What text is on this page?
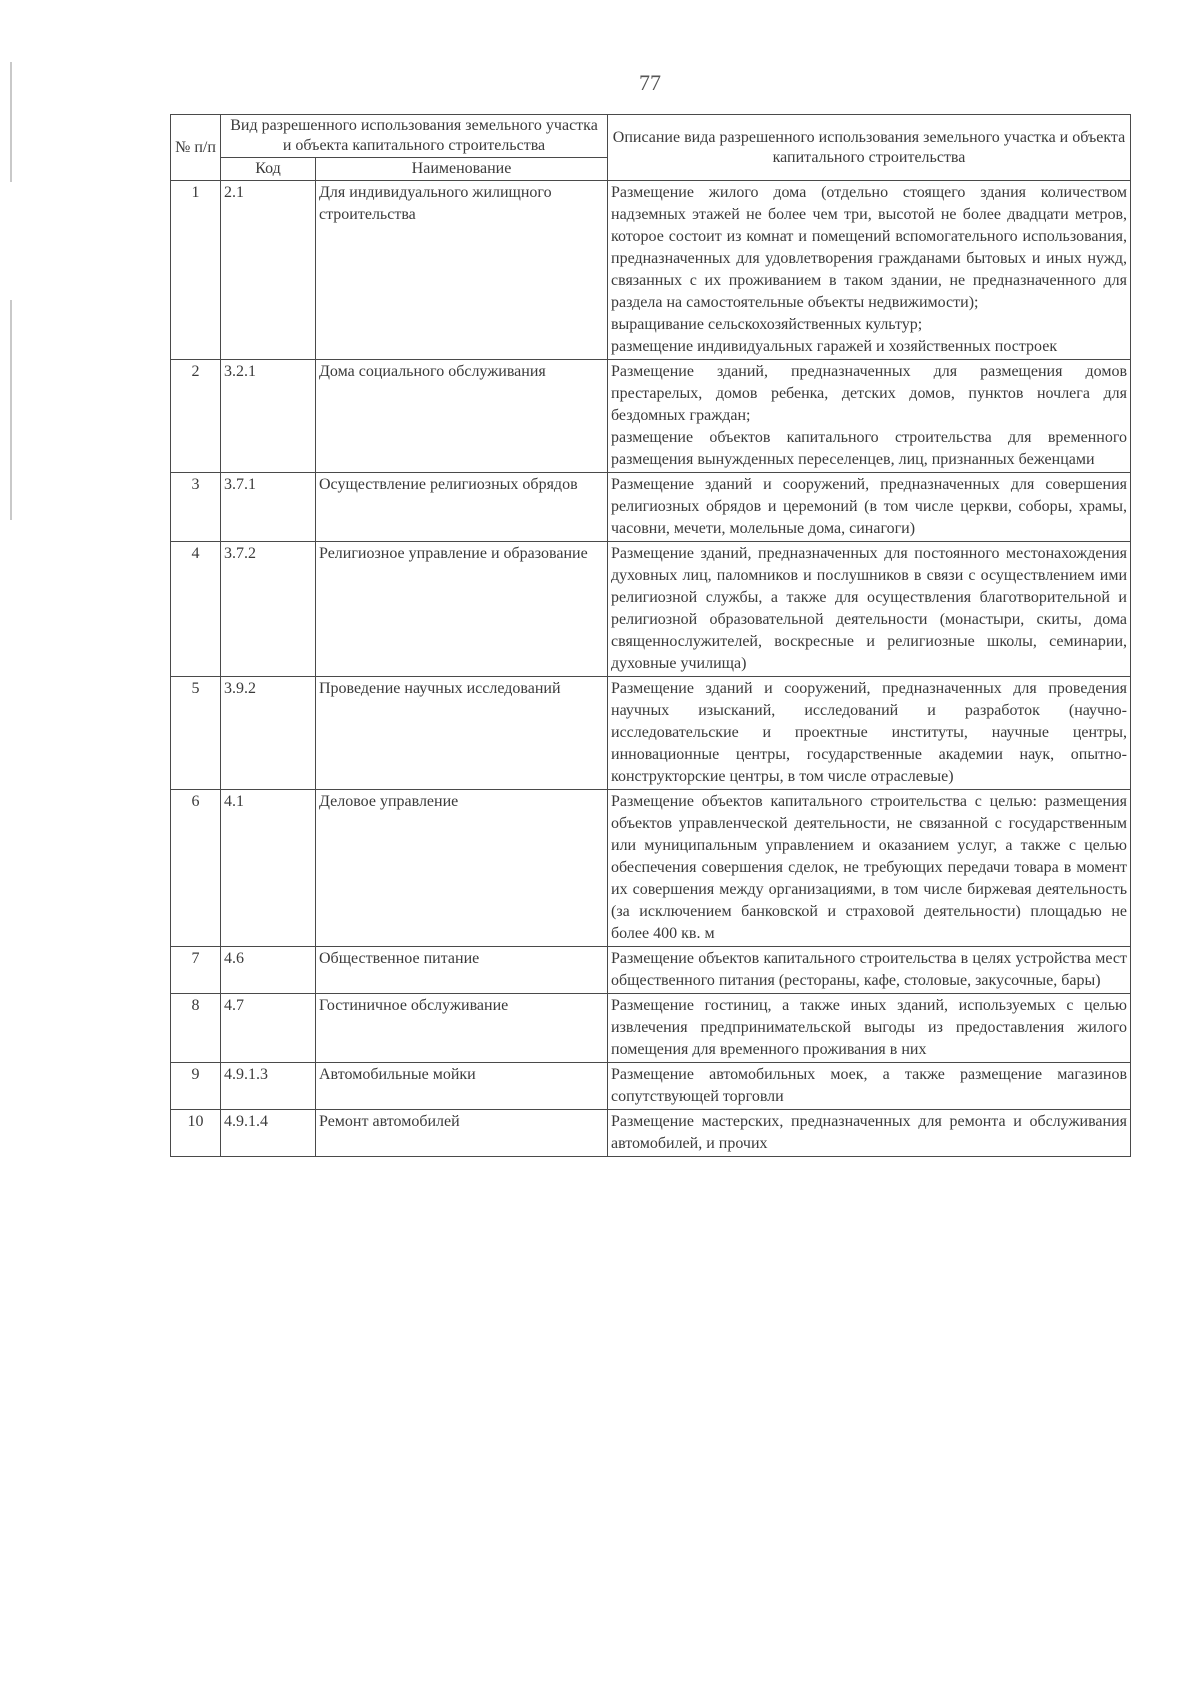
77
№ п/п	Вид разрешенного использования земельного участка и объекта капитального строительства		Описание вида разрешенного использования земельного участка и объекта капитального строительства
	Код	Наименование	
1	2.1	Для индивидуального жилищного строительства	Размещение жилого дома (отдельно стоящего здания количеством надземных этажей не более чем три, высотой не более двадцати метров, которое состоит из комнат и помещений вспомогательного использования, предназначенных для удовлетворения гражданами бытовых и иных нужд, связанных с их проживанием в таком здании, не предназначенного для раздела на самостоятельные объекты недвижимости);
выращивание сельскохозяйственных культур;
размещение индивидуальных гаражей и хозяйственных построек

2	3.2.1	Дома социального обслуживания	Размещение зданий, предназначенных для размещения домов престарелых, домов ребенка, детских домов, пунктов ночлега для бездомных граждан;
размещение объектов капитального строительства для временного размещения вынужденных переселенцев, лиц, признанных беженцами

3	3.7.1	Осуществление религиозных обрядов	Размещение зданий и сооружений, предназначенных для совершения религиозных обрядов и церемоний (в том числе церкви, соборы, храмы, часовни, мечети, молельные дома, синагоги)

4	3.7.2	Религиозное управление и образование	Размещение зданий, предназначенных для постоянного местонахождения духовных лиц, паломников и послушников в связи с осуществлением ими религиозной службы, а также для осуществления благотворительной и религиозной образовательной деятельности (монастыри, скиты, дома священнослужителей, воскресные и религиозные школы, семинарии, духовные училища)

5	3.9.2	Проведение научных исследований	Размещение зданий и сооружений, предназначенных для проведения научных изысканий, исследований и разработок (научно-исследовательские и проектные институты, научные центры, инновационные центры, государственные академии наук, опытно-конструкторские центры, в том числе отраслевые)

6	4.1	Деловое управление	Размещение объектов капитального строительства с целью: размещения объектов управленческой деятельности, не связанной с государственным или муниципальным управлением и оказанием услуг, а также с целью обеспечения совершения сделок, не требующих передачи товара в момент их совершения между организациями, в том числе биржевая деятельность (за исключением банковской и страховой деятельности) площадью не более 400 кв. м

7	4.6	Общественное питание	Размещение объектов капитального строительства в целях устройства мест общественного питания (рестораны, кафе, столовые, закусочные, бары)

8	4.7	Гостиничное обслуживание	Размещение гостиниц, а также иных зданий, используемых с целью извлечения предпринимательской выгоды из предоставления жилого помещения для временного проживания в них

9	4.9.1.3	Автомобильные мойки	Размещение автомобильных моек, а также размещение магазинов сопутствующей торговли

10	4.9.1.4	Ремонт автомобилей	Размещение мастерских, предназначенных для ремонта и обслуживания автомобилей, и прочих
